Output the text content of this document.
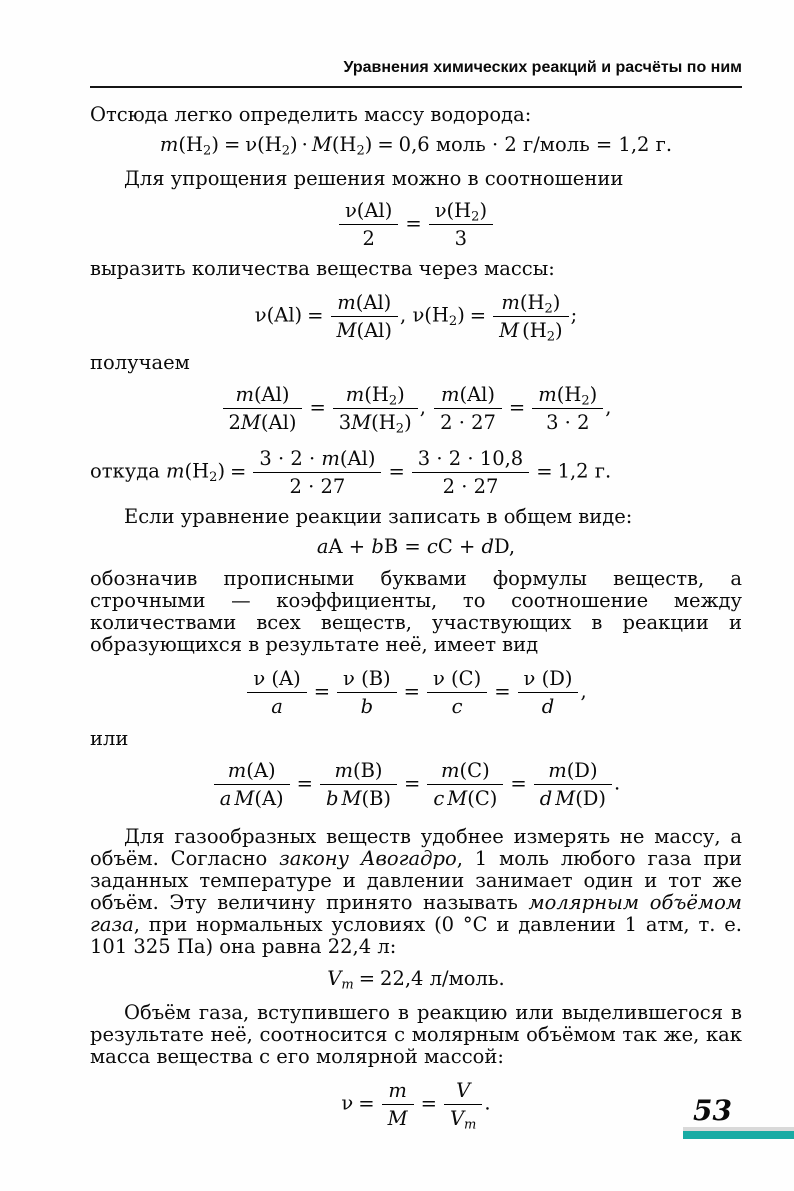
Уравнения химических реакций и расчёты по ним

Отсюда легко определить массу водорода:

m(H2) = ν(H2) · M(H2) = 0,6 моль · 2 г/моль = 1,2 г.

Для упрощения решения можно в соотношении

$\frac{\nu(Al)}{2} = \frac{\nu(H2)}{3}$

выразить количества вещества через массы:

$\nu(Al) = \frac{m(Al)}{M(Al)}$ , $\nu(H2) = \frac{m(H2)}{M (H2)}$ ;

получаем

$\frac{m(Al)}{2M(Al)} = \frac{m(H2)}{3M(H2)}$ , $\frac{m(Al)}{2 \cdot 27} = \frac{m(H2)}{3 \cdot 2}$ ,
откуда $m(H2) = \frac{3 \cdot 2 \cdot m(Al)}{2 \cdot 27} = \frac{3 \cdot 2 \cdot 10,8}{2 \cdot 27} = 1,2$ г.

Если уравнение реакции записать в общем виде:

aA + bB = cC + dD,

обозначив прописными буквами формулы веществ, а строчными — коэффициенты, то соотношение между количествами всех веществ, участвующих в реакции и образующихся в результате неё, имеет вид

$\frac{\nu (A)}{a} = \frac{\nu (B)}{b} = \frac{\nu (C)}{c} = \frac{\nu (D)}{d}$ ,

или

$\frac{m(A)}{\text{a M(A)}} = \frac{m(B)}{\text{b M(B)}} = \frac{m(C)}{\text{c M(C)}} = \frac{m(D)}{\text{d M(D)}}$ .

Для газообразных веществ удобнее измерять не массу, а объём. Согласно закону Авогадро, 1 моль любого газа при заданных температуре и давлении занимает один и тот же объём. Эту величину принято называть молярным объёмом газа, при нормальных условиях (0 °С и давлении 1 атм, т. е. 101 325 Па) она равна 22,4 л:

Vm = 22,4 л/моль.

Объём газа, вступившего в реакцию или выделившегося в результате неё, соотносится с молярным объёмом так же, как масса вещества с его молярной массой:

$\nu = \frac{m}{M} = \frac{V}{Vm}$ .	53
